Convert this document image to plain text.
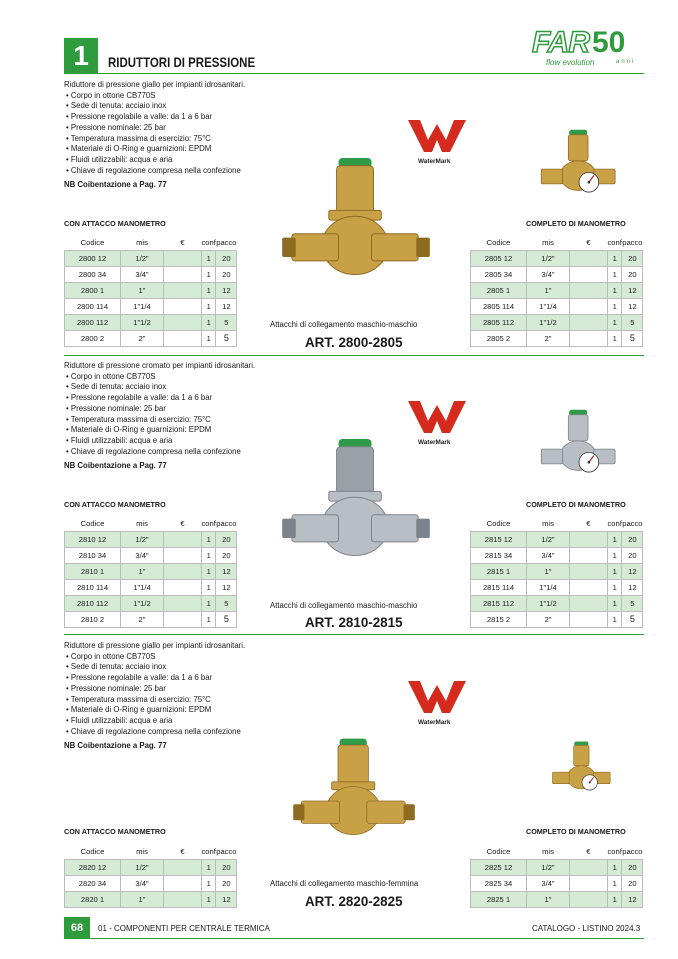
1	RIDUTTORI DI PRESSIONE
FAR 50
flow evolution	anni
Riduttore di pressione giallo per impianti idrosanitari.
• Corpo in ottone CB770S
• Sede di tenuta: acciaio inox
• Pressione regolabile a valle: da 1 a 6 bar
• Pressione nominale: 25 bar
• Temperatura massima di esercizio: 75°C
• Materiale di O-Ring e guarnizioni: EPDM
• Fluidi utilizzabili: acqua e aria
• Chiave di regolazione compresa nella confezione
NB Coibentazione a Pag. 77
WaterMark
CON ATTACCO MANOMETRO	COMPLETO DI MANOMETRO
Codice	mis	€	conf	pacco
2800 12	1/2"		1	20
2800 34	3/4"		1	20
2800 1	1"		1	12
2800 114	1"1/4		1	12
2800 112	1"1/2		1	5
2800 2	2"		1	5
Codice	mis	€	conf	pacco
2805 12	1/2"		1	20
2805 34	3/4"		1	20
2805 1	1"		1	12
2805 114	1"1/4		1	12
2805 112	1"1/2		1	5
2805 2	2"		1	5
Attacchi di collegamento maschio-maschio
ART. 2800-2805
Riduttore di pressione cromato per impianti idrosanitari.
• Corpo in ottone CB770S
• Sede di tenuta: acciaio inox
• Pressione regolabile a valle: da 1 a 6 bar
• Pressione nominale: 25 bar
• Temperatura massima di esercizio: 75°C
• Materiale di O-Ring e guarnizioni: EPDM
• Fluidi utilizzabili: acqua e aria
• Chiave di regolazione compresa nella confezione
NB Coibentazione a Pag. 77
WaterMark
CON ATTACCO MANOMETRO	COMPLETO DI MANOMETRO
Codice	mis	€	conf	pacco
2810 12	1/2"		1	20
2810 34	3/4"		1	20
2810 1	1"		1	12
2810 114	1"1/4		1	12
2810 112	1"1/2		1	5
2810 2	2"		1	5
Codice	mis	€	conf	pacco
2815 12	1/2"		1	20
2815 34	3/4"		1	20
2815 1	1"		1	12
2815 114	1"1/4		1	12
2815 112	1"1/2		1	5
2815 2	2"		1	5
Attacchi di collegamento maschio-maschio
ART. 2810-2815
Riduttore di pressione giallo per impianti idrosanitari.
• Corpo in ottone CB770S
• Sede di tenuta: acciaio inox
• Pressione regolabile a valle: da 1 a 6 bar
• Pressione nominale: 25 bar
• Temperatura massima di esercizio: 75°C
• Materiale di O-Ring e guarnizioni: EPDM
• Fluidi utilizzabili: acqua e aria
• Chiave di regolazione compresa nella confezione
NB Coibentazione a Pag. 77
WaterMark
CON ATTACCO MANOMETRO	COMPLETO DI MANOMETRO
Codice	mis	€	conf	pacco
2820 12	1/2"		1	20
2820 34	3/4"		1	20
2820 1	1"		1	12
Codice	mis	€	conf	pacco
2825 12	1/2"		1	20
2825 34	3/4"		1	20
2825 1	1"		1	12
Attacchi di collegamento maschio-femmina
ART. 2820-2825
68	01 - COMPONENTI PER CENTRALE TERMICA	CATALOGO - LISTINO 2024.3
